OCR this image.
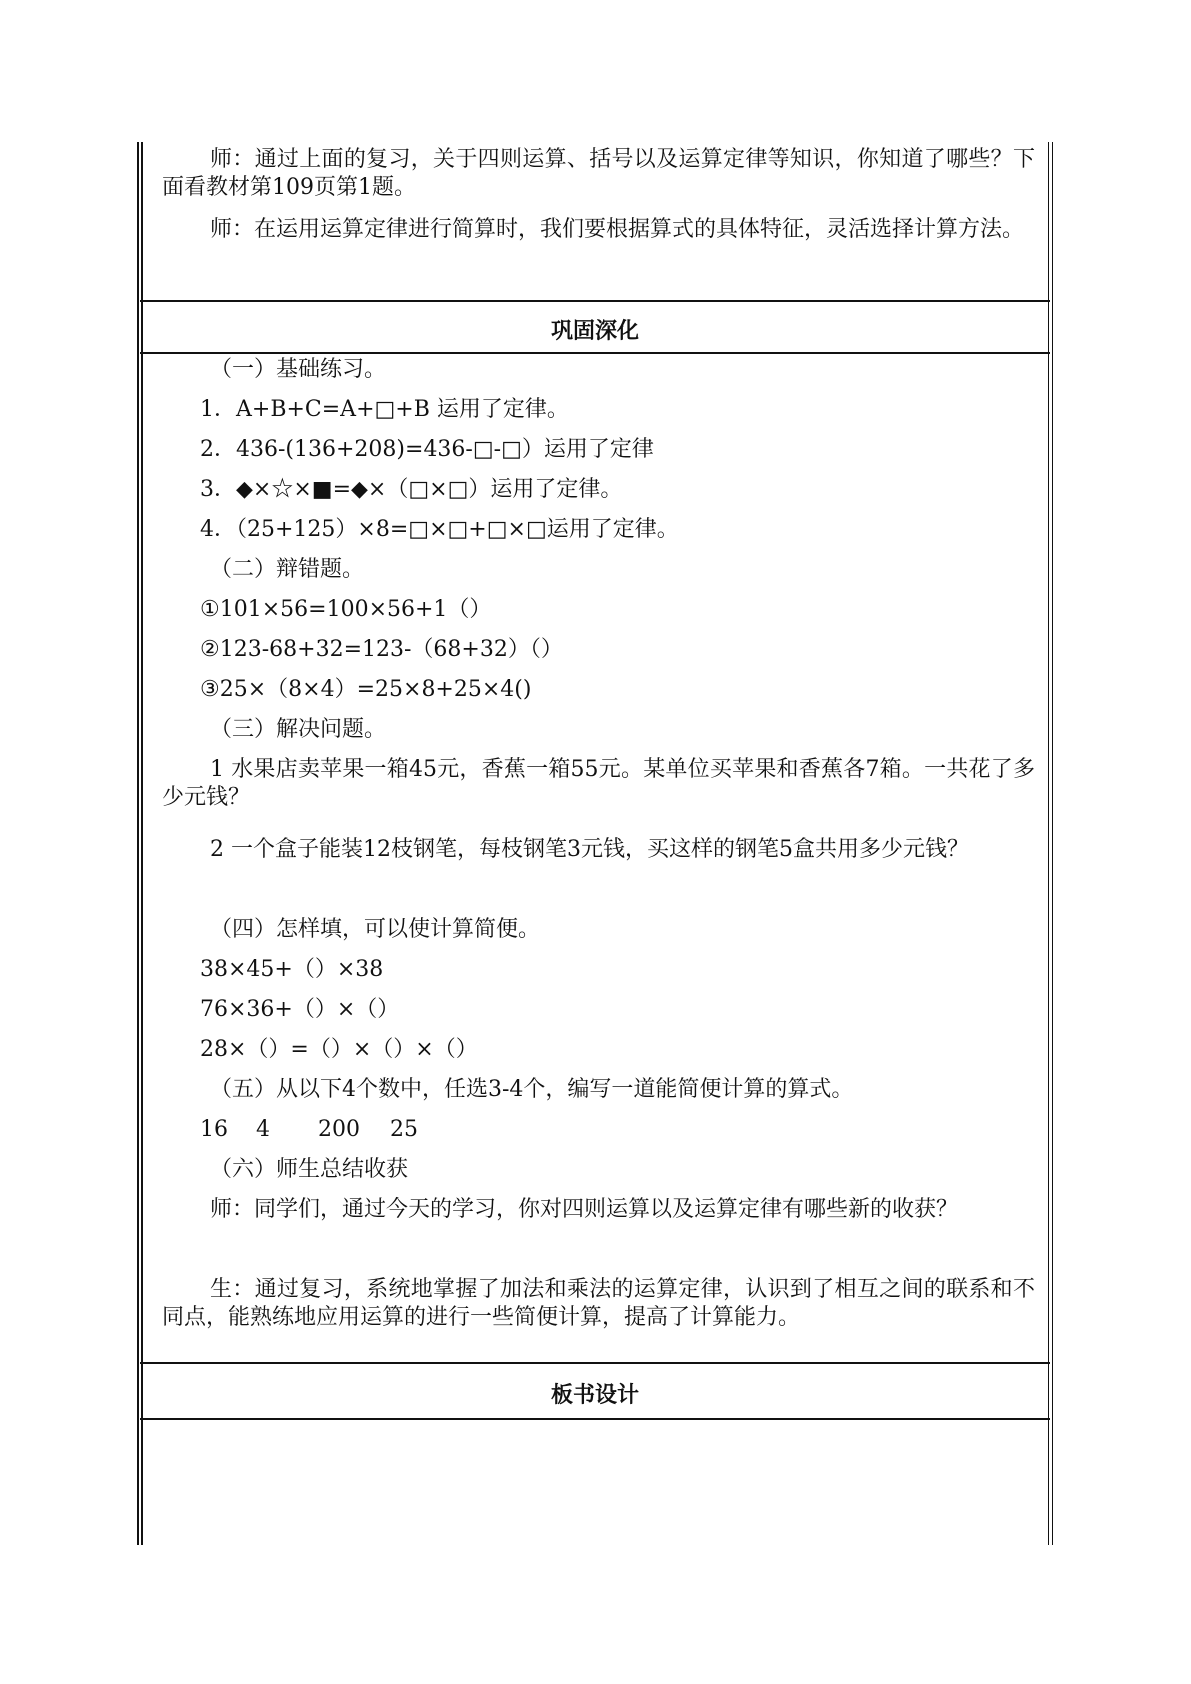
师：通过上面的复习，关于四则运算、括号以及运算定律等知识，你知道了哪些？下面看教材第109页第1题。

师：在运用运算定律进行简算时，我们要根据算式的具体特征，灵活选择计算方法。

巩固深化

（一）基础练习。

1．A+B+C=A+□+B 运用了定律。

2．436-(136+208)=436-□-□）运用了定律

3．◆×☆×■=◆×（□×□）运用了定律。

4．（25+125）×8=□×□+□×□运用了定律。

（二）辩错题。

①101×56=100×56+1（）

②123-68+32=123-（68+32）（）

③25×（8×4）=25×8+25×4()

（三）解决问题。

1 水果店卖苹果一箱45元，香蕉一箱55元。某单位买苹果和香蕉各7箱。一共花了多少元钱？

2 一个盒子能装12枝钢笔，每枝钢笔3元钱，买这样的钢笔5盒共用多少元钱？

（四）怎样填，可以使计算简便。

38×45+（）×38

76×36+（）×（）

28×（）=（）×（）×（）

（五）从以下4个数中，任选3-4个，编写一道能简便计算的算式。

16 4 200 25

（六）师生总结收获

师：同学们，通过今天的学习，你对四则运算以及运算定律有哪些新的收获？

生：通过复习，系统地掌握了加法和乘法的运算定律，认识到了相互之间的联系和不同点，能熟练地应用运算的进行一些简便计算，提高了计算能力。

板书设计
